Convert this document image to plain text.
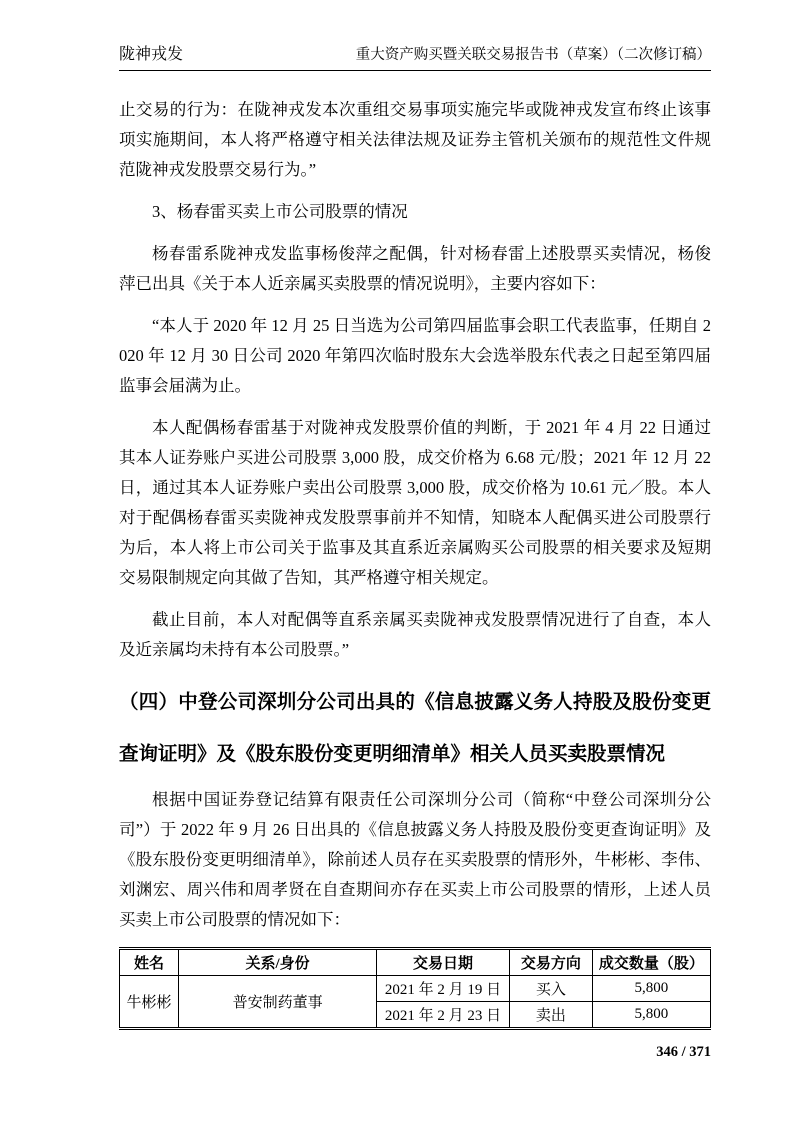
陇神戎发	重大资产购买暨关联交易报告书（草案）（二次修订稿）

止交易的行为：在陇神戎发本次重组交易事项实施完毕或陇神戎发宣布终止该事项实施期间，本人将严格遵守相关法律法规及证券主管机关颁布的规范性文件规范陇神戎发股票交易行为。”

3、杨春雷买卖上市公司股票的情况

杨春雷系陇神戎发监事杨俊萍之配偶，针对杨春雷上述股票买卖情况，杨俊萍已出具《关于本人近亲属买卖股票的情况说明》，主要内容如下：

“本人于 2020 年 12 月 25 日当选为公司第四届监事会职工代表监事，任期自 2020 年 12 月 30 日公司 2020 年第四次临时股东大会选举股东代表之日起至第四届监事会届满为止。

本人配偶杨春雷基于对陇神戎发股票价值的判断，于 2021 年 4 月 22 日通过其本人证券账户买进公司股票 3,000 股，成交价格为 6.68 元/股；2021 年 12 月 22 日，通过其本人证券账户卖出公司股票 3,000 股，成交价格为 10.61 元／股。本人对于配偶杨春雷买卖陇神戎发股票事前并不知情，知晓本人配偶买进公司股票行为后，本人将上市公司关于监事及其直系近亲属购买公司股票的相关要求及短期交易限制规定向其做了告知，其严格遵守相关规定。

截止目前，本人对配偶等直系亲属买卖陇神戎发股票情况进行了自查，本人及近亲属均未持有本公司股票。”

（四）中登公司深圳分公司出具的《信息披露义务人持股及股份变更查询证明》及《股东股份变更明细清单》相关人员买卖股票情况

根据中国证券登记结算有限责任公司深圳分公司（简称“中登公司深圳分公司”）于 2022 年 9 月 26 日出具的《信息披露义务人持股及股份变更查询证明》及《股东股份变更明细清单》，除前述人员存在买卖股票的情形外，牛彬彬、李伟、刘渊宏、周兴伟和周孝贤在自查期间亦存在买卖上市公司股票的情形，上述人员买卖上市公司股票的情况如下：

姓名	关系/身份	交易日期	交易方向	成交数量（股）
牛彬彬	普安制药董事	2021 年 2 月 19 日	买入	5,800
		2021 年 2 月 23 日	卖出	5,800
346 / 371
